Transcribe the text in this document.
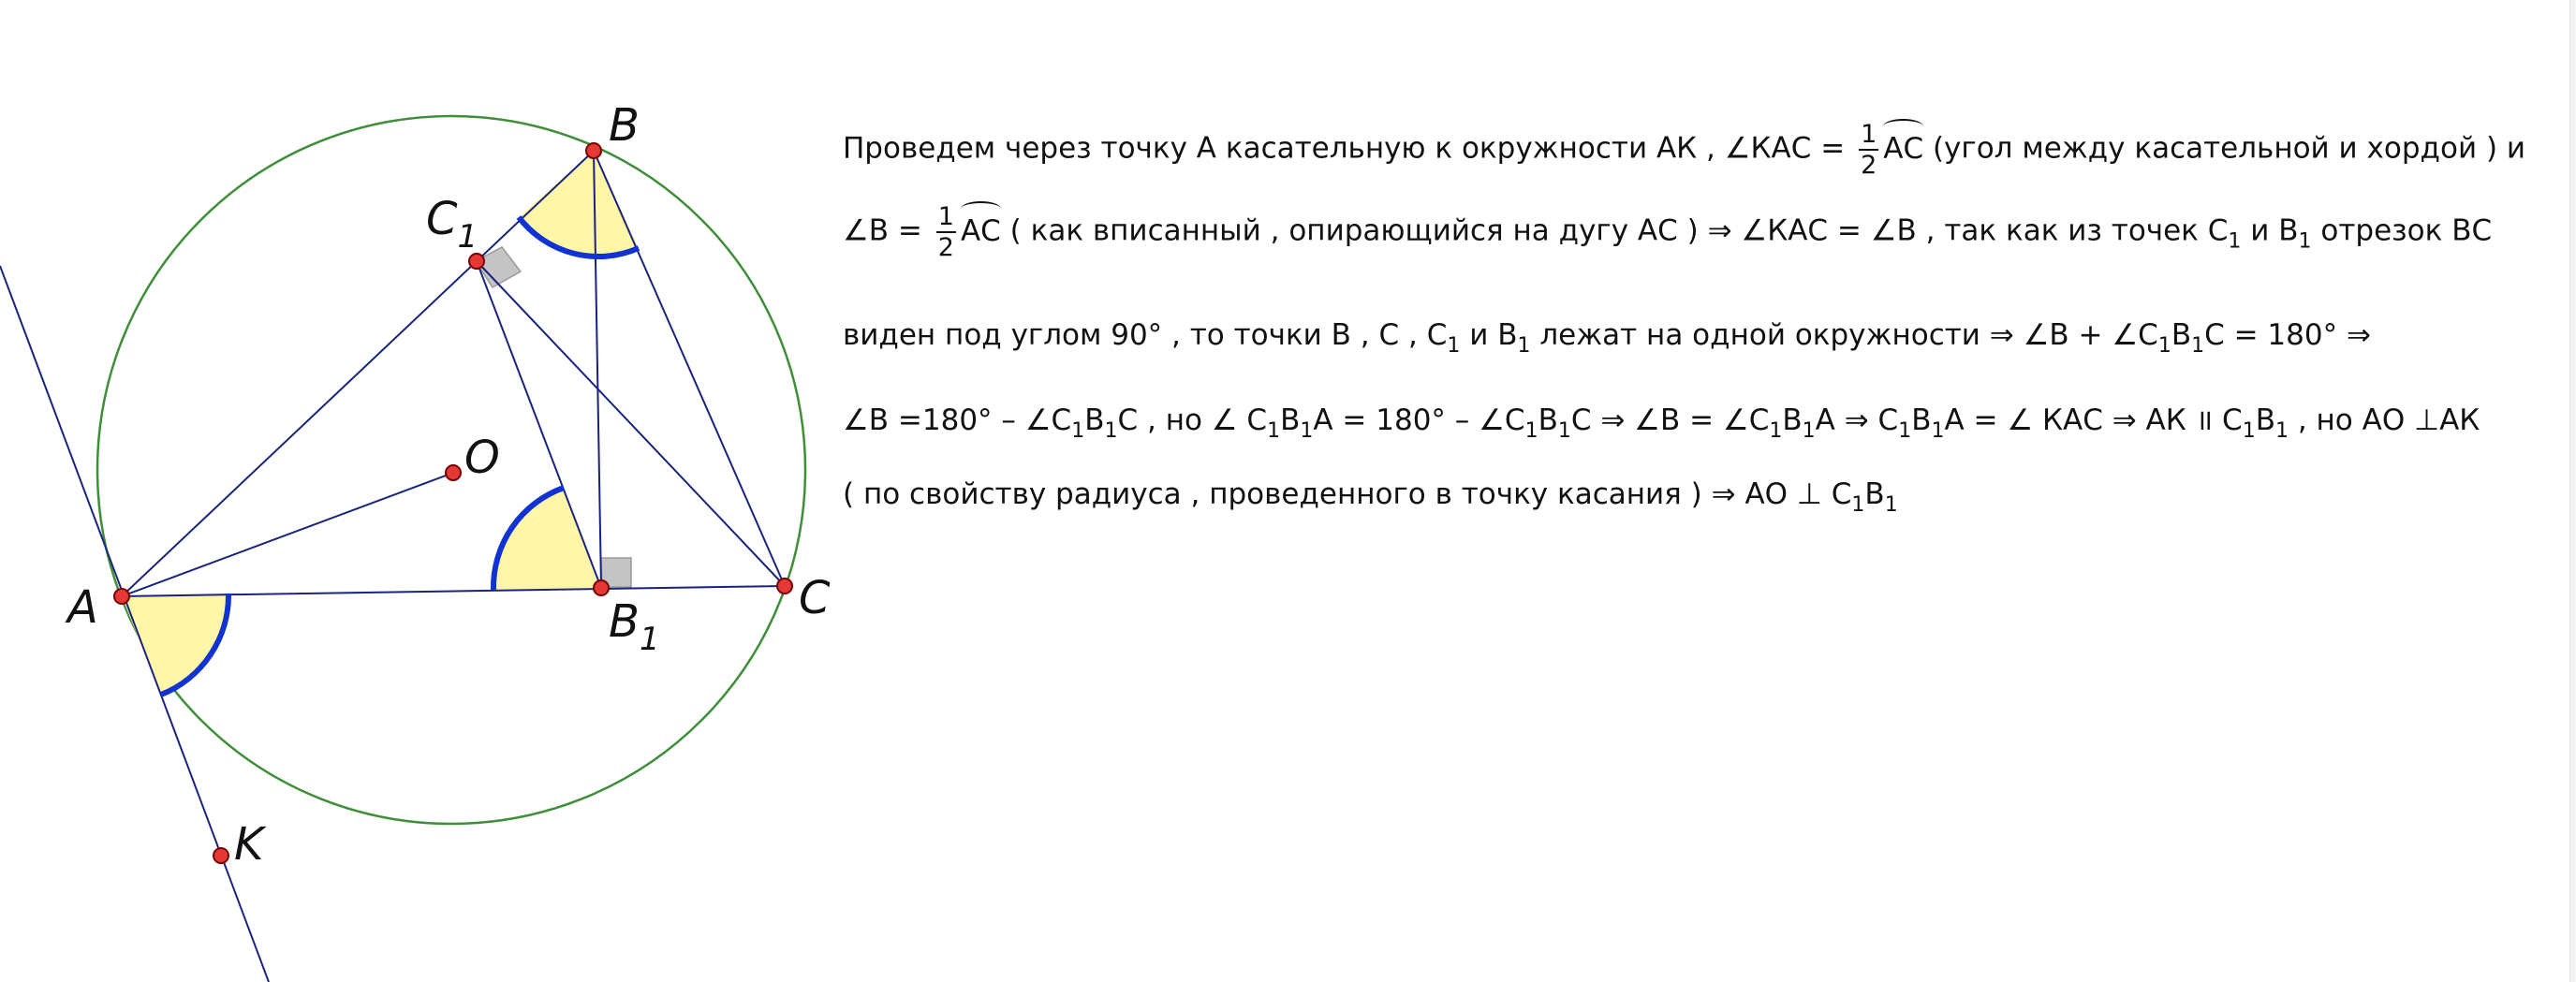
A
B
C
$C_1$
$B_1$
O
K
Проведем через точку А касательную к окружности АК , ∠КАС = $\frac{1}{2}$ АС (угол между касательной и хордой ) и
∠В = $\frac{1}{2}$ АС ( как вписанный , опирающийся на дугу АС ) ⇒ ∠КАС = ∠В , так как из точек $С_1$ и $В_1$ отрезок ВС
виден под углом 90° , то точки В , С , $С_1$ и $В_1$ лежат на одной окружности ⇒ ∠В + $\angle С_1В_1С = 180^\circ$ ⇒
∠В $=180^\circ - \angle С_1В_1С$ , но ∠ $С_1В_1А = 180^\circ$ – $\angle С_1В_1С$ ⇒ ∠В = $\angle С_1В_1А$ ⇒ $С_1В_1А$ = ∠ КАС ⇒ АК ॥ $С_1В_1$ , но АО ⊥АК
( по свойству радиуса , проведенного в точку касания ) ⇒ АО ⊥ $С_1В_1$
